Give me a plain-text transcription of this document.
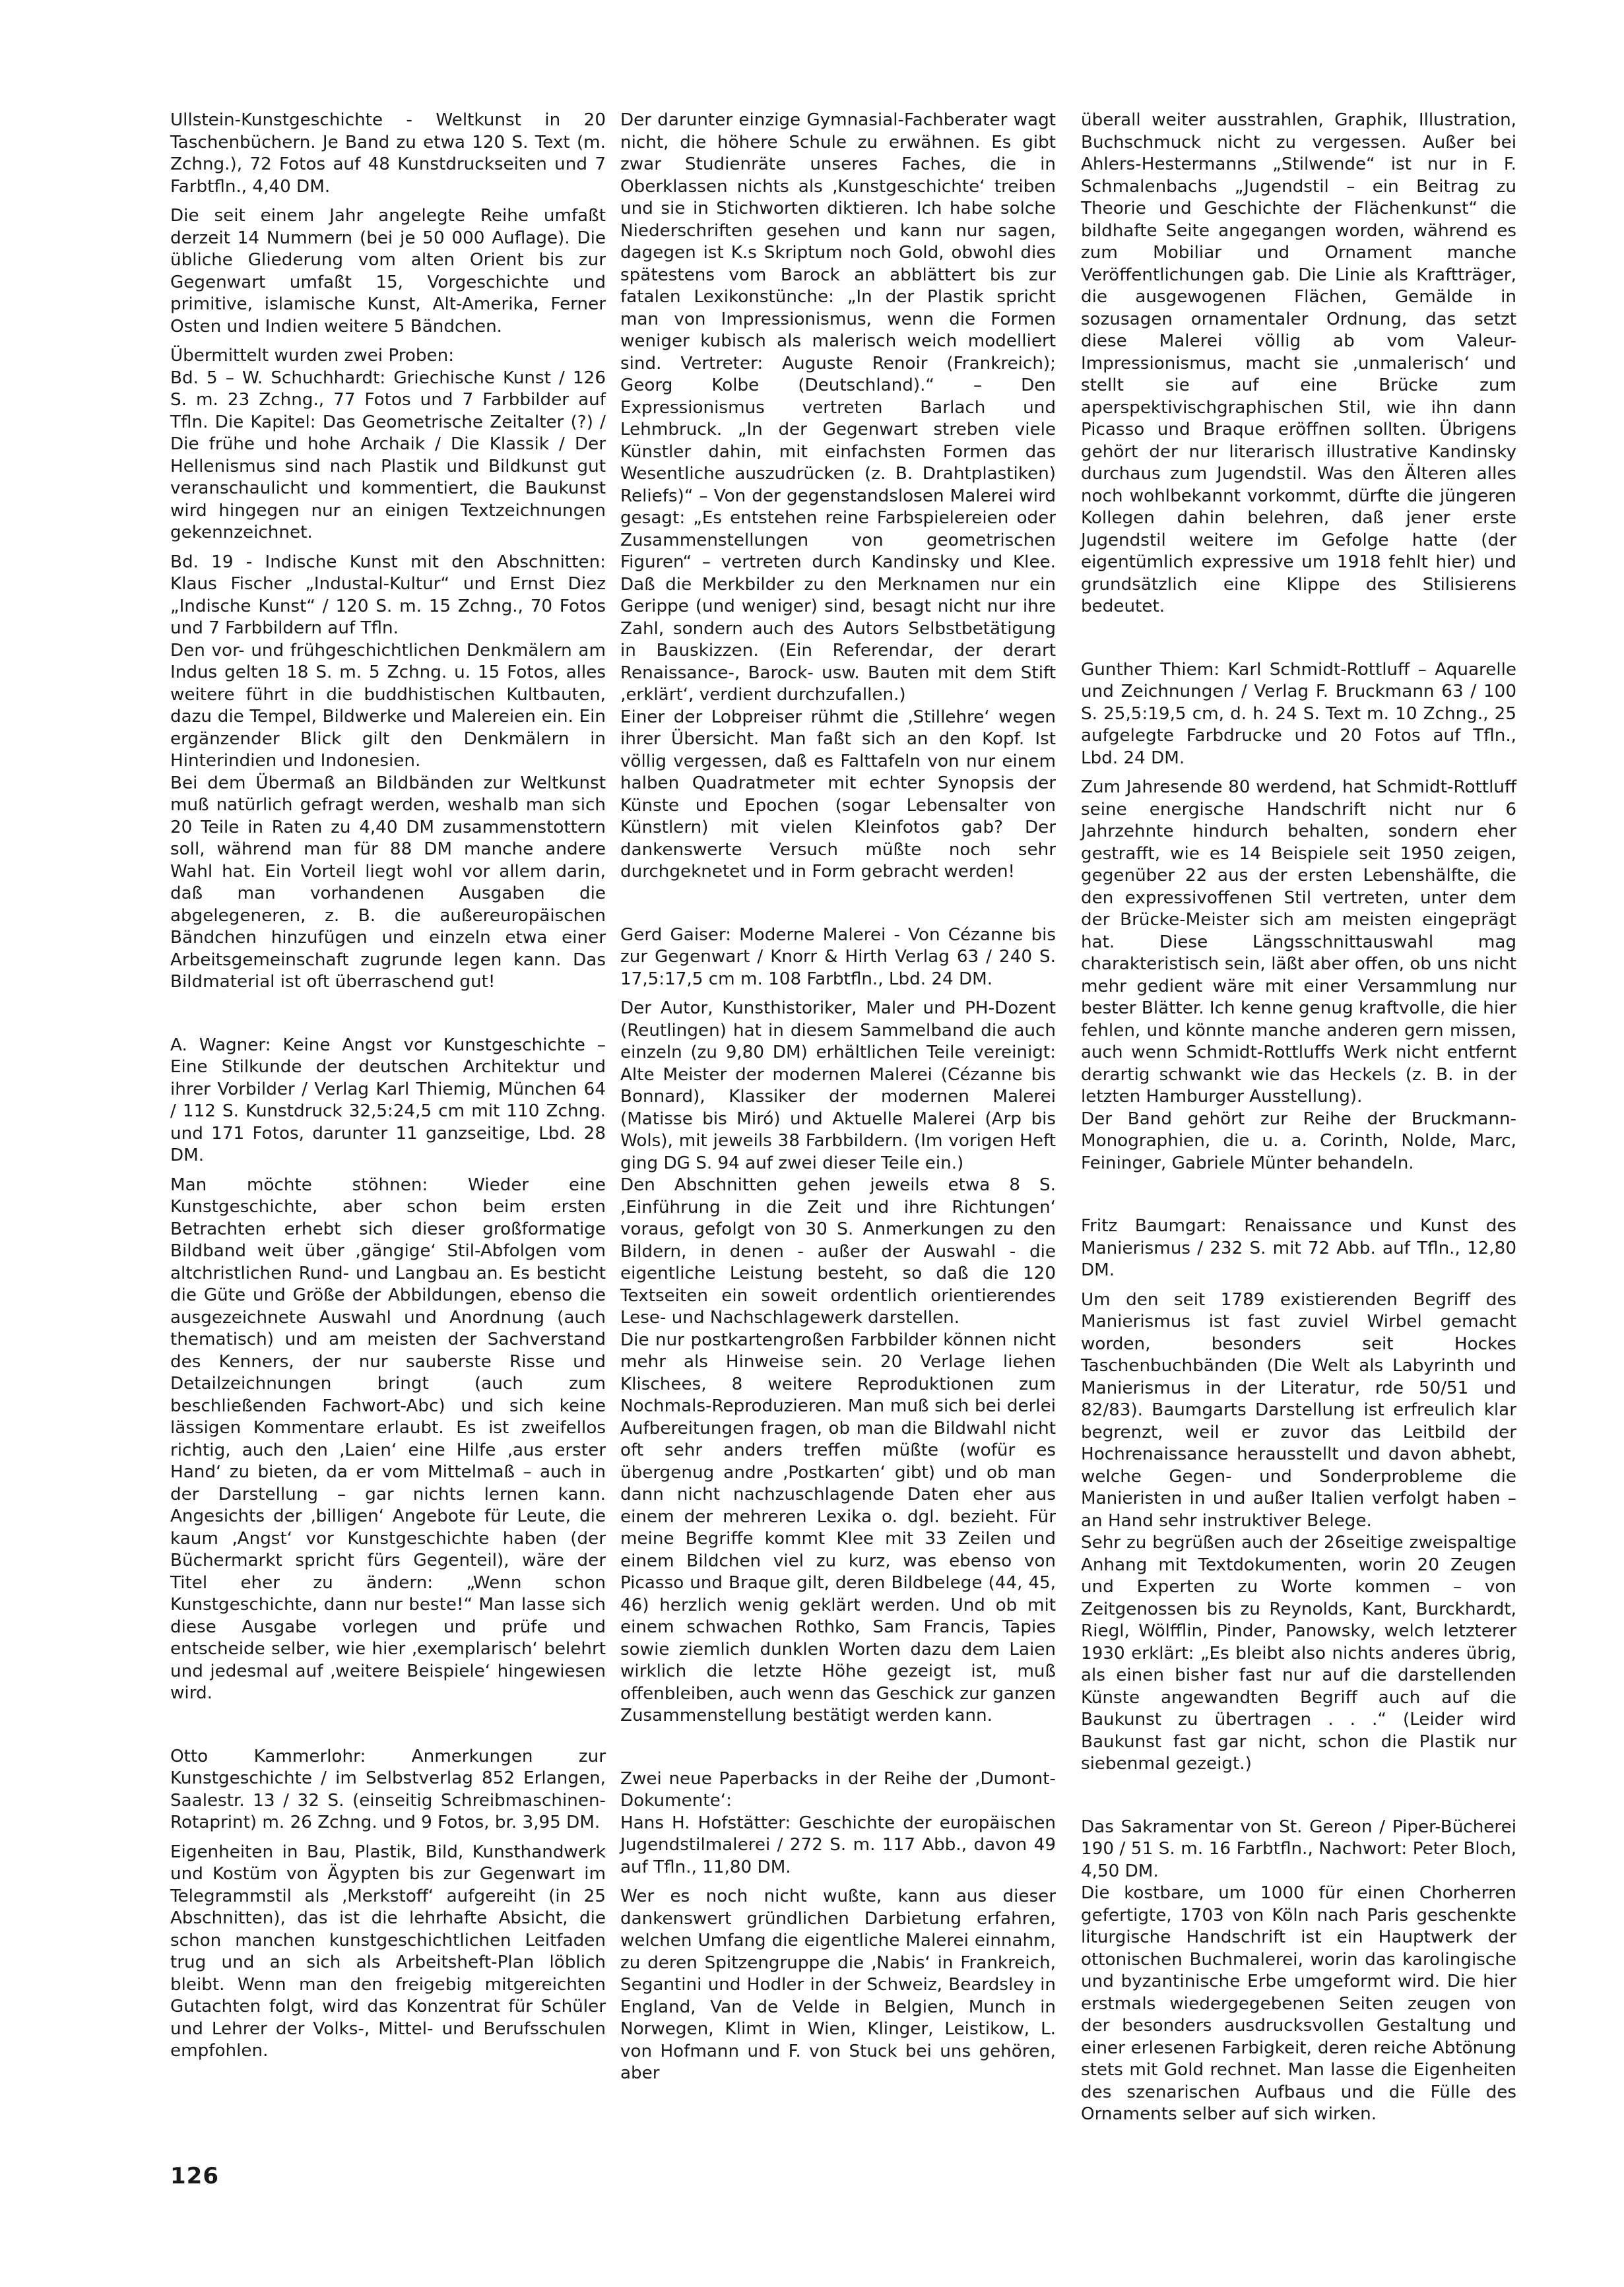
Ullstein-Kunstgeschichte - Weltkunst in 20 Taschenbüchern. Je Band zu etwa 120 S. Text (m. Zchng.), 72 Fotos auf 48 Kunstdruckseiten und 7 Farbtfln., 4,40 DM.

Die seit einem Jahr angelegte Reihe umfaßt derzeit 14 Nummern (bei je 50 000 Auflage). Die übliche Gliederung vom alten Orient bis zur Gegenwart umfaßt 15, Vorgeschichte und primitive, islamische Kunst, Alt-Amerika, Ferner Osten und Indien weitere 5 Bändchen.

Übermittelt wurden zwei Proben:

Bd. 5 – W. Schuchhardt: Griechische Kunst / 126 S. m. 23 Zchng., 77 Fotos und 7 Farbbilder auf Tfln. Die Kapitel: Das Geometrische Zeitalter (?) / Die frühe und hohe Archaik / Die Klassik / Der Hellenismus sind nach Plastik und Bildkunst gut veranschaulicht und kommentiert, die Baukunst wird hingegen nur an einigen Textzeichnungen gekennzeichnet.

Bd. 19 - Indische Kunst mit den Abschnitten: Klaus Fischer „Industal-Kultur“ und Ernst Diez „Indische Kunst“ / 120 S. m. 15 Zchng., 70 Fotos und 7 Farbbildern auf Tfln.

Den vor- und frühgeschichtlichen Denkmälern am Indus gelten 18 S. m. 5 Zchng. u. 15 Fotos, alles weitere führt in die buddhistischen Kultbauten, dazu die Tempel, Bildwerke und Malereien ein. Ein ergänzender Blick gilt den Denkmälern in Hinterindien und Indonesien.

Bei dem Übermaß an Bildbänden zur Weltkunst muß natürlich gefragt werden, weshalb man sich 20 Teile in Raten zu 4,40 DM zusammenstottern soll, während man für 88 DM manche andere Wahl hat. Ein Vorteil liegt wohl vor allem darin, daß man vorhandenen Ausgaben die abgelegeneren, z. B. die außereuropäischen Bändchen hinzufügen und einzeln etwa einer Arbeitsgemeinschaft zugrunde legen kann. Das Bildmaterial ist oft überraschend gut!

A. Wagner: Keine Angst vor Kunstgeschichte – Eine Stilkunde der deutschen Architektur und ihrer Vorbilder / Verlag Karl Thiemig, München 64 / 112 S. Kunstdruck 32,5:24,5 cm mit 110 Zchng. und 171 Fotos, darunter 11 ganzseitige, Lbd. 28 DM.

Man möchte stöhnen: Wieder eine Kunstgeschichte, aber schon beim ersten Betrachten erhebt sich dieser großformatige Bildband weit über ‚gängige‘ Stil-Abfolgen vom altchristlichen Rund- und Langbau an. Es besticht die Güte und Größe der Abbildungen, ebenso die ausgezeichnete Auswahl und Anordnung (auch thematisch) und am meisten der Sachverstand des Kenners, der nur sauberste Risse und Detailzeichnungen bringt (auch zum beschließenden Fachwort-Abc) und sich keine lässigen Kommentare erlaubt. Es ist zweifellos richtig, auch den ‚Laien‘ eine Hilfe ‚aus erster Hand‘ zu bieten, da er vom Mittelmaß – auch in der Darstellung – gar nichts lernen kann. Angesichts der ‚billigen‘ Angebote für Leute, die kaum ‚Angst‘ vor Kunstgeschichte haben (der Büchermarkt spricht fürs Gegenteil), wäre der Titel eher zu ändern: „Wenn schon Kunstgeschichte, dann nur beste!“ Man lasse sich diese Ausgabe vorlegen und prüfe und entscheide selber, wie hier ‚exemplarisch‘ belehrt und jedesmal auf ‚weitere Beispiele‘ hingewiesen wird.

Otto Kammerlohr: Anmerkungen zur Kunstgeschichte / im Selbstverlag 852 Erlangen, Saalestr. 13 / 32 S. (einseitig Schreibmaschinen-Rotaprint) m. 26 Zchng. und 9 Fotos, br. 3,95 DM.

Eigenheiten in Bau, Plastik, Bild, Kunsthandwerk und Kostüm von Ägypten bis zur Gegenwart im Telegrammstil als ‚Merkstoff‘ aufgereiht (in 25 Abschnitten), das ist die lehrhafte Absicht, die schon manchen kunstgeschichtlichen Leitfaden trug und an sich als Arbeitsheft-Plan löblich bleibt. Wenn man den freigebig mitgereichten Gutachten folgt, wird das Konzentrat für Schüler und Lehrer der Volks-, Mittel- und Berufsschulen empfohlen.

Der darunter einzige Gymnasial-Fachberater wagt nicht, die höhere Schule zu erwähnen. Es gibt zwar Studienräte unseres Faches, die in Oberklassen nichts als ‚Kunstgeschichte‘ treiben und sie in Stichworten diktieren. Ich habe solche Niederschriften gesehen und kann nur sagen, dagegen ist K.s Skriptum noch Gold, obwohl dies spätestens vom Barock an abblättert bis zur fatalen Lexikonstünche: „In der Plastik spricht man von Impressionismus, wenn die Formen weniger kubisch als malerisch weich modelliert sind. Vertreter: Auguste Renoir (Frankreich); Georg Kolbe (Deutschland).“ – Den Expressionismus vertreten Barlach und Lehmbruck. „In der Gegenwart streben viele Künstler dahin, mit einfachsten Formen das Wesentliche auszudrücken (z. B. Drahtplastiken) Reliefs)“ – Von der gegenstandslosen Malerei wird gesagt: „Es entstehen reine Farbspielereien oder Zusammenstellungen von geometrischen Figuren“ – vertreten durch Kandinsky und Klee. Daß die Merkbilder zu den Merknamen nur ein Gerippe (und weniger) sind, besagt nicht nur ihre Zahl, sondern auch des Autors Selbstbetätigung in Bauskizzen. (Ein Referendar, der derart Renaissance-, Barock- usw. Bauten mit dem Stift ‚erklärt‘, verdient durchzufallen.)

Einer der Lobpreiser rühmt die ‚Stillehre‘ wegen ihrer Übersicht. Man faßt sich an den Kopf. Ist völlig vergessen, daß es Falttafeln von nur einem halben Quadratmeter mit echter Synopsis der Künste und Epochen (sogar Lebensalter von Künstlern) mit vielen Kleinfotos gab? Der dankenswerte Versuch müßte noch sehr durchgeknetet und in Form gebracht werden!

Gerd Gaiser: Moderne Malerei - Von Cézanne bis zur Gegenwart / Knorr & Hirth Verlag 63 / 240 S. 17,5:17,5 cm m. 108 Farbtfln., Lbd. 24 DM.

Der Autor, Kunsthistoriker, Maler und PH-Dozent (Reutlingen) hat in diesem Sammelband die auch einzeln (zu 9,80 DM) erhältlichen Teile vereinigt: Alte Meister der modernen Malerei (Cézanne bis Bonnard), Klassiker der modernen Malerei (Matisse bis Miró) und Aktuelle Malerei (Arp bis Wols), mit jeweils 38 Farbbildern. (Im vorigen Heft ging DG S. 94 auf zwei dieser Teile ein.)

Den Abschnitten gehen jeweils etwa 8 S. ‚Einführung in die Zeit und ihre Richtungen‘ voraus, gefolgt von 30 S. Anmerkungen zu den Bildern, in denen - außer der Auswahl - die eigentliche Leistung besteht, so daß die 120 Textseiten ein soweit ordentlich orientierendes Lese- und Nachschlagewerk darstellen.

Die nur postkartengroßen Farbbilder können nicht mehr als Hinweise sein. 20 Verlage liehen Klischees, 8 weitere Reproduktionen zum Nochmals-Reproduzieren. Man muß sich bei derlei Aufbereitungen fragen, ob man die Bildwahl nicht oft sehr anders treffen müßte (wofür es übergenug andre ‚Postkarten‘ gibt) und ob man dann nicht nachzuschlagende Daten eher aus einem der mehreren Lexika o. dgl. bezieht. Für meine Begriffe kommt Klee mit 33 Zeilen und einem Bildchen viel zu kurz, was ebenso von Picasso und Braque gilt, deren Bildbelege (44, 45, 46) herzlich wenig geklärt werden. Und ob mit einem schwachen Rothko, Sam Francis, Tapies sowie ziemlich dunklen Worten dazu dem Laien wirklich die letzte Höhe gezeigt ist, muß offenbleiben, auch wenn das Geschick zur ganzen Zusammenstellung bestätigt werden kann.

Zwei neue Paperbacks in der Reihe der ‚Dumont-Dokumente‘:

Hans H. Hofstätter: Geschichte der europäischen Jugendstilmalerei / 272 S. m. 117 Abb., davon 49 auf Tfln., 11,80 DM.

Wer es noch nicht wußte, kann aus dieser dankenswert gründlichen Darbietung erfahren, welchen Umfang die eigentliche Malerei einnahm, zu deren Spitzengruppe die ‚Nabis‘ in Frankreich, Segantini und Hodler in der Schweiz, Beardsley in England, Van de Velde in Belgien, Munch in Norwegen, Klimt in Wien, Klinger, Leistikow, L. von Hofmann und F. von Stuck bei uns gehören, aber

überall weiter ausstrahlen, Graphik, Illustration, Buchschmuck nicht zu vergessen. Außer bei Ahlers-Hestermanns „Stilwende“ ist nur in F. Schmalenbachs „Jugendstil – ein Beitrag zu Theorie und Geschichte der Flächenkunst“ die bildhafte Seite angegangen worden, während es zum Mobiliar und Ornament manche Veröffentlichungen gab. Die Linie als Kraftträger, die ausgewogenen Flächen, Gemälde in sozusagen ornamentaler Ordnung, das setzt diese Malerei völlig ab vom Valeur-Impressionismus, macht sie ‚unmalerisch‘ und stellt sie auf eine Brücke zum aperspektivischgraphischen Stil, wie ihn dann Picasso und Braque eröffnen sollten. Übrigens gehört der nur literarisch illustrative Kandinsky durchaus zum Jugendstil. Was den Älteren alles noch wohlbekannt vorkommt, dürfte die jüngeren Kollegen dahin belehren, daß jener erste Jugendstil weitere im Gefolge hatte (der eigentümlich expressive um 1918 fehlt hier) und grundsätzlich eine Klippe des Stilisierens bedeutet.

Gunther Thiem: Karl Schmidt-Rottluff – Aquarelle und Zeichnungen / Verlag F. Bruckmann 63 / 100 S. 25,5:19,5 cm, d. h. 24 S. Text m. 10 Zchng., 25 aufgelegte Farbdrucke und 20 Fotos auf Tfln., Lbd. 24 DM.

Zum Jahresende 80 werdend, hat Schmidt-Rottluff seine energische Handschrift nicht nur 6 Jahrzehnte hindurch behalten, sondern eher gestrafft, wie es 14 Beispiele seit 1950 zeigen, gegenüber 22 aus der ersten Lebenshälfte, die den expressivoffenen Stil vertreten, unter dem der Brücke-Meister sich am meisten eingeprägt hat. Diese Längsschnittauswahl mag charakteristisch sein, läßt aber offen, ob uns nicht mehr gedient wäre mit einer Versammlung nur bester Blätter. Ich kenne genug kraftvolle, die hier fehlen, und könnte manche anderen gern missen, auch wenn Schmidt-Rottluffs Werk nicht entfernt derartig schwankt wie das Heckels (z. B. in der letzten Hamburger Ausstellung).

Der Band gehört zur Reihe der Bruckmann-Monographien, die u. a. Corinth, Nolde, Marc, Feininger, Gabriele Münter behandeln.

Fritz Baumgart: Renaissance und Kunst des Manierismus / 232 S. mit 72 Abb. auf Tfln., 12,80 DM.

Um den seit 1789 existierenden Begriff des Manierismus ist fast zuviel Wirbel gemacht worden, besonders seit Hockes Taschenbuchbänden (Die Welt als Labyrinth und Manierismus in der Literatur, rde 50/51 und 82/83). Baumgarts Darstellung ist erfreulich klar begrenzt, weil er zuvor das Leitbild der Hochrenaissance herausstellt und davon abhebt, welche Gegen- und Sonderprobleme die Manieristen in und außer Italien verfolgt haben – an Hand sehr instruktiver Belege.

Sehr zu begrüßen auch der 26seitige zweispaltige Anhang mit Textdokumenten, worin 20 Zeugen und Experten zu Worte kommen – von Zeitgenossen bis zu Reynolds, Kant, Burckhardt, Riegl, Wölfflin, Pinder, Panowsky, welch letzterer 1930 erklärt: „Es bleibt also nichts anderes übrig, als einen bisher fast nur auf die darstellenden Künste angewandten Begriff auch auf die Baukunst zu übertragen . . .“ (Leider wird Baukunst fast gar nicht, schon die Plastik nur siebenmal gezeigt.)

Das Sakramentar von St. Gereon / Piper-Bücherei 190 / 51 S. m. 16 Farbtfln., Nachwort: Peter Bloch, 4,50 DM.

Die kostbare, um 1000 für einen Chorherren gefertigte, 1703 von Köln nach Paris geschenkte liturgische Handschrift ist ein Hauptwerk der ottonischen Buchmalerei, worin das karolingische und byzantinische Erbe umgeformt wird. Die hier erstmals wiedergegebenen Seiten zeugen von der besonders ausdrucksvollen Gestaltung und einer erlesenen Farbigkeit, deren reiche Abtönung stets mit Gold rechnet. Man lasse die Eigenheiten des szenarischen Aufbaus und die Fülle des Ornaments selber auf sich wirken.

126
